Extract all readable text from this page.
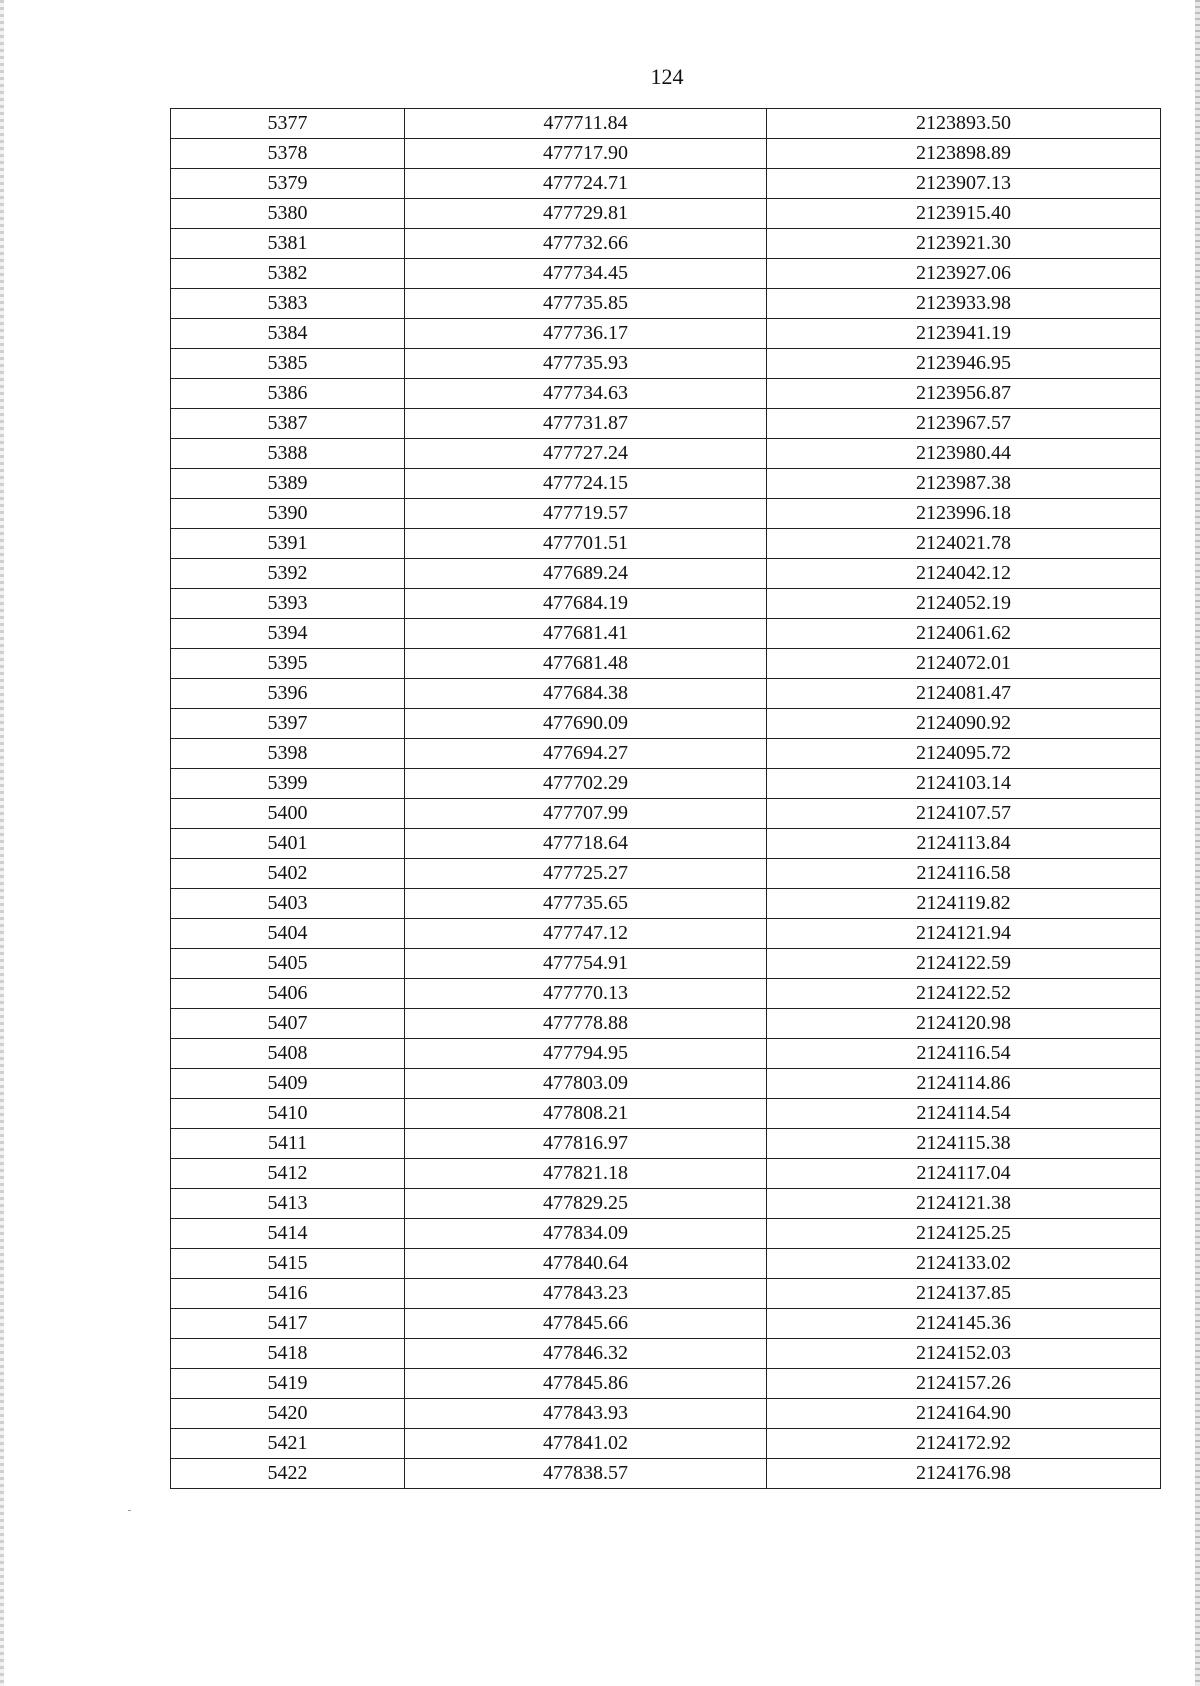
124
5377	477711.84	2123893.50
5378	477717.90	2123898.89
5379	477724.71	2123907.13
5380	477729.81	2123915.40
5381	477732.66	2123921.30
5382	477734.45	2123927.06
5383	477735.85	2123933.98
5384	477736.17	2123941.19
5385	477735.93	2123946.95
5386	477734.63	2123956.87
5387	477731.87	2123967.57
5388	477727.24	2123980.44
5389	477724.15	2123987.38
5390	477719.57	2123996.18
5391	477701.51	2124021.78
5392	477689.24	2124042.12
5393	477684.19	2124052.19
5394	477681.41	2124061.62
5395	477681.48	2124072.01
5396	477684.38	2124081.47
5397	477690.09	2124090.92
5398	477694.27	2124095.72
5399	477702.29	2124103.14
5400	477707.99	2124107.57
5401	477718.64	2124113.84
5402	477725.27	2124116.58
5403	477735.65	2124119.82
5404	477747.12	2124121.94
5405	477754.91	2124122.59
5406	477770.13	2124122.52
5407	477778.88	2124120.98
5408	477794.95	2124116.54
5409	477803.09	2124114.86
5410	477808.21	2124114.54
5411	477816.97	2124115.38
5412	477821.18	2124117.04
5413	477829.25	2124121.38
5414	477834.09	2124125.25
5415	477840.64	2124133.02
5416	477843.23	2124137.85
5417	477845.66	2124145.36
5418	477846.32	2124152.03
5419	477845.86	2124157.26
5420	477843.93	2124164.90
5421	477841.02	2124172.92
5422	477838.57	2124176.98
